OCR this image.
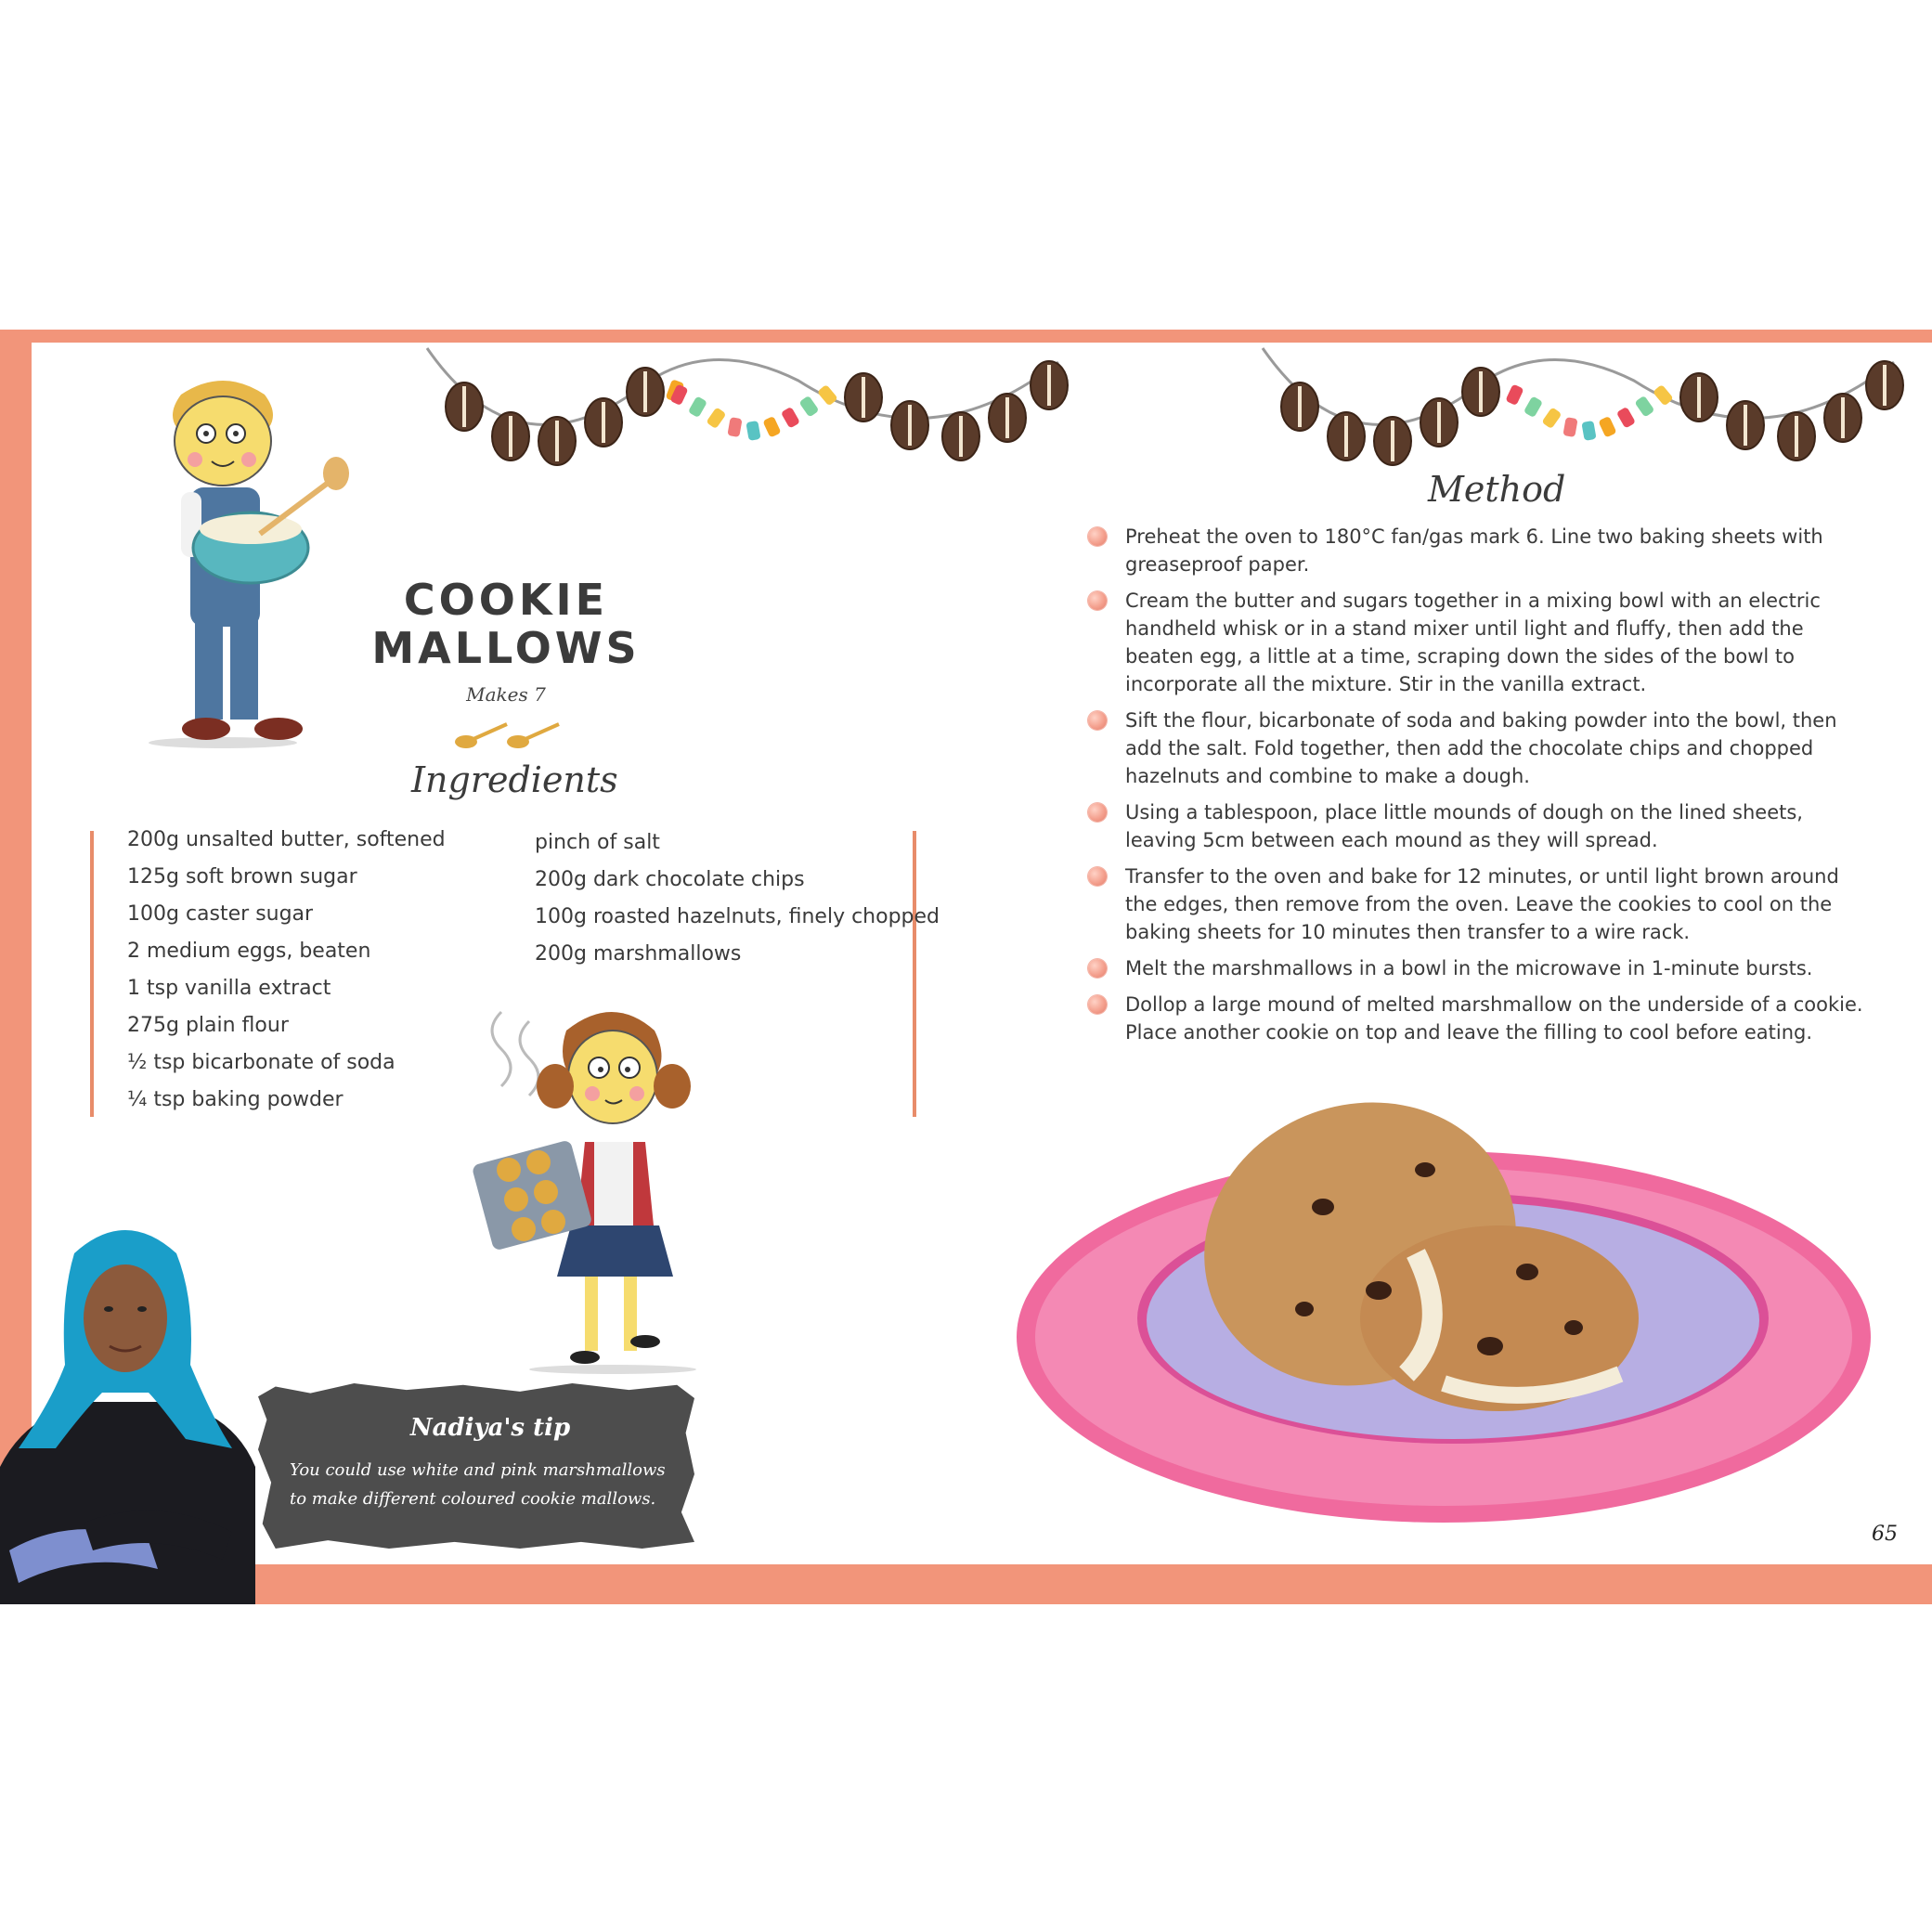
COOKIE
MALLOWS
Makes 7
Ingredients
200g unsalted butter, softened
125g soft brown sugar
100g caster sugar
2 medium eggs, beaten
1 tsp vanilla extract
275g plain flour
½ tsp bicarbonate of soda
¼ tsp baking powder
pinch of salt
200g dark chocolate chips
100g roasted hazelnuts, finely chopped
200g marshmallows
Nadiya's tip
You could use white and pink marshmallows
to make different coloured cookie mallows.
Method
Preheat the oven to 180°C fan/gas mark 6. Line two baking sheets with greaseproof paper.
Cream the butter and sugars together in a mixing bowl with an electric handheld whisk or in a stand mixer until light and fluffy, then add the beaten egg, a little at a time, scraping down the sides of the bowl to incorporate all the mixture. Stir in the vanilla extract.
Sift the flour, bicarbonate of soda and baking powder into the bowl, then add the salt. Fold together, then add the chocolate chips and chopped hazelnuts and combine to make a dough.
Using a tablespoon, place little mounds of dough on the lined sheets, leaving 5cm between each mound as they will spread.
Transfer to the oven and bake for 12 minutes, or until light brown around the edges, then remove from the oven. Leave the cookies to cool on the baking sheets for 10 minutes then transfer to a wire rack.
Melt the marshmallows in a bowl in the microwave in 1-minute bursts.
Dollop a large mound of melted marshmallow on the underside of a cookie. Place another cookie on top and leave the filling to cool before eating.
65
